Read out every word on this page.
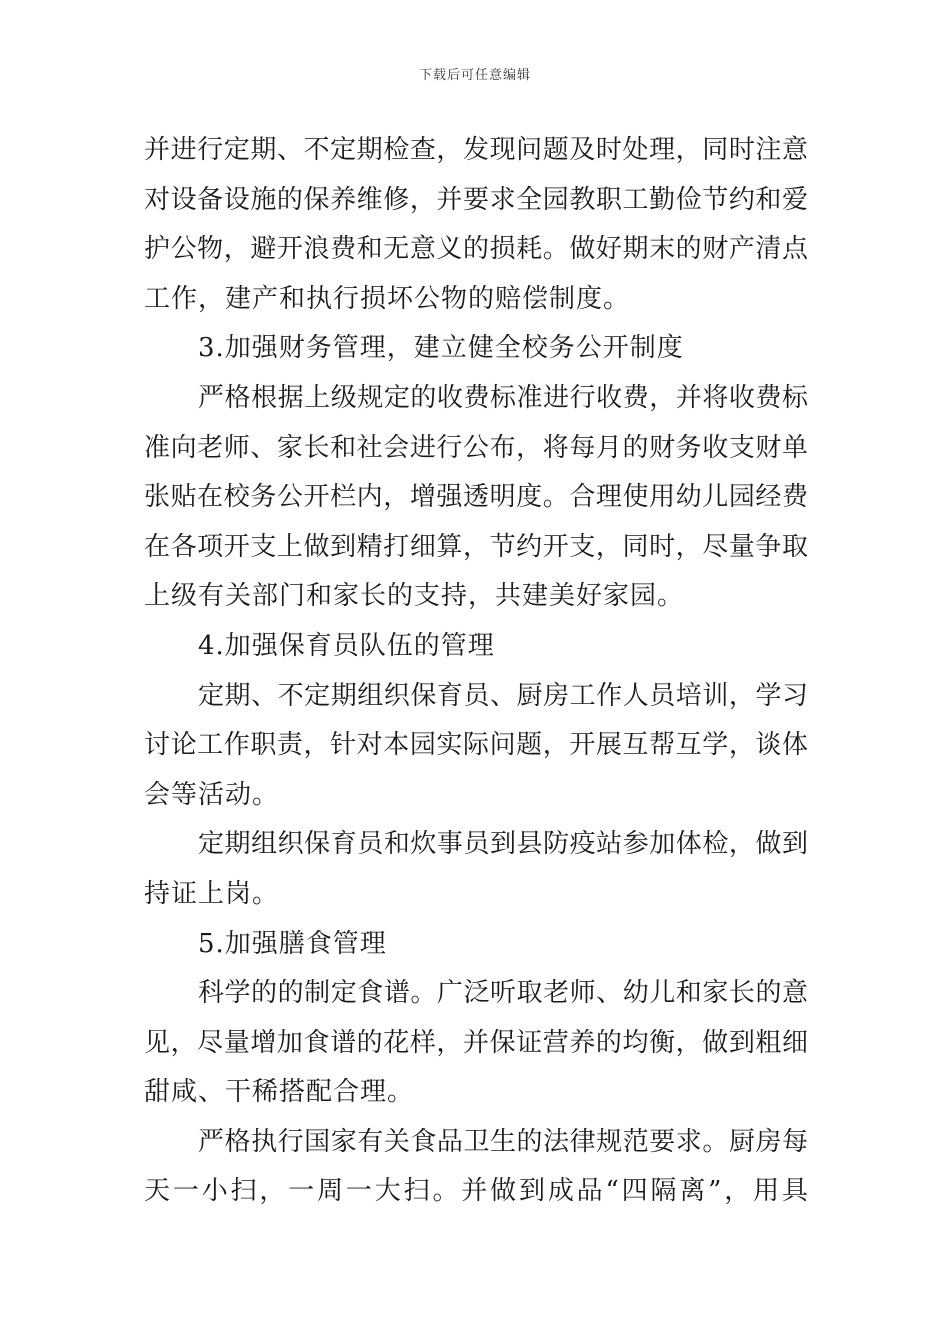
下载后可任意编辑
并进行定期、不定期检查，发现问题及时处理，同时注意
对设备设施的保养维修，并要求全园教职工勤俭节约和爱
护公物，避开浪费和无意义的损耗。做好期末的财产清点
工作，建产和执行损坏公物的赔偿制度。
3.加强财务管理，建立健全校务公开制度
严格根据上级规定的收费标准进行收费，并将收费标
准向老师、家长和社会进行公布，将每月的财务收支财单
张贴在校务公开栏内，增强透明度。合理使用幼儿园经费
在各项开支上做到精打细算，节约开支，同时，尽量争取
上级有关部门和家长的支持，共建美好家园。
4.加强保育员队伍的管理
定期、不定期组织保育员、厨房工作人员培训，学习
讨论工作职责，针对本园实际问题，开展互帮互学，谈体
会等活动。
定期组织保育员和炊事员到县防疫站参加体检，做到
持证上岗。
5.加强膳食管理
科学的的制定食谱。广泛听取老师、幼儿和家长的意
见，尽量增加食谱的花样，并保证营养的均衡，做到粗细
甜咸、干稀搭配合理。
严格执行国家有关食品卫生的法律规范要求。厨房每
天一小扫，一周一大扫。并做到成品“四隔离”，用具
